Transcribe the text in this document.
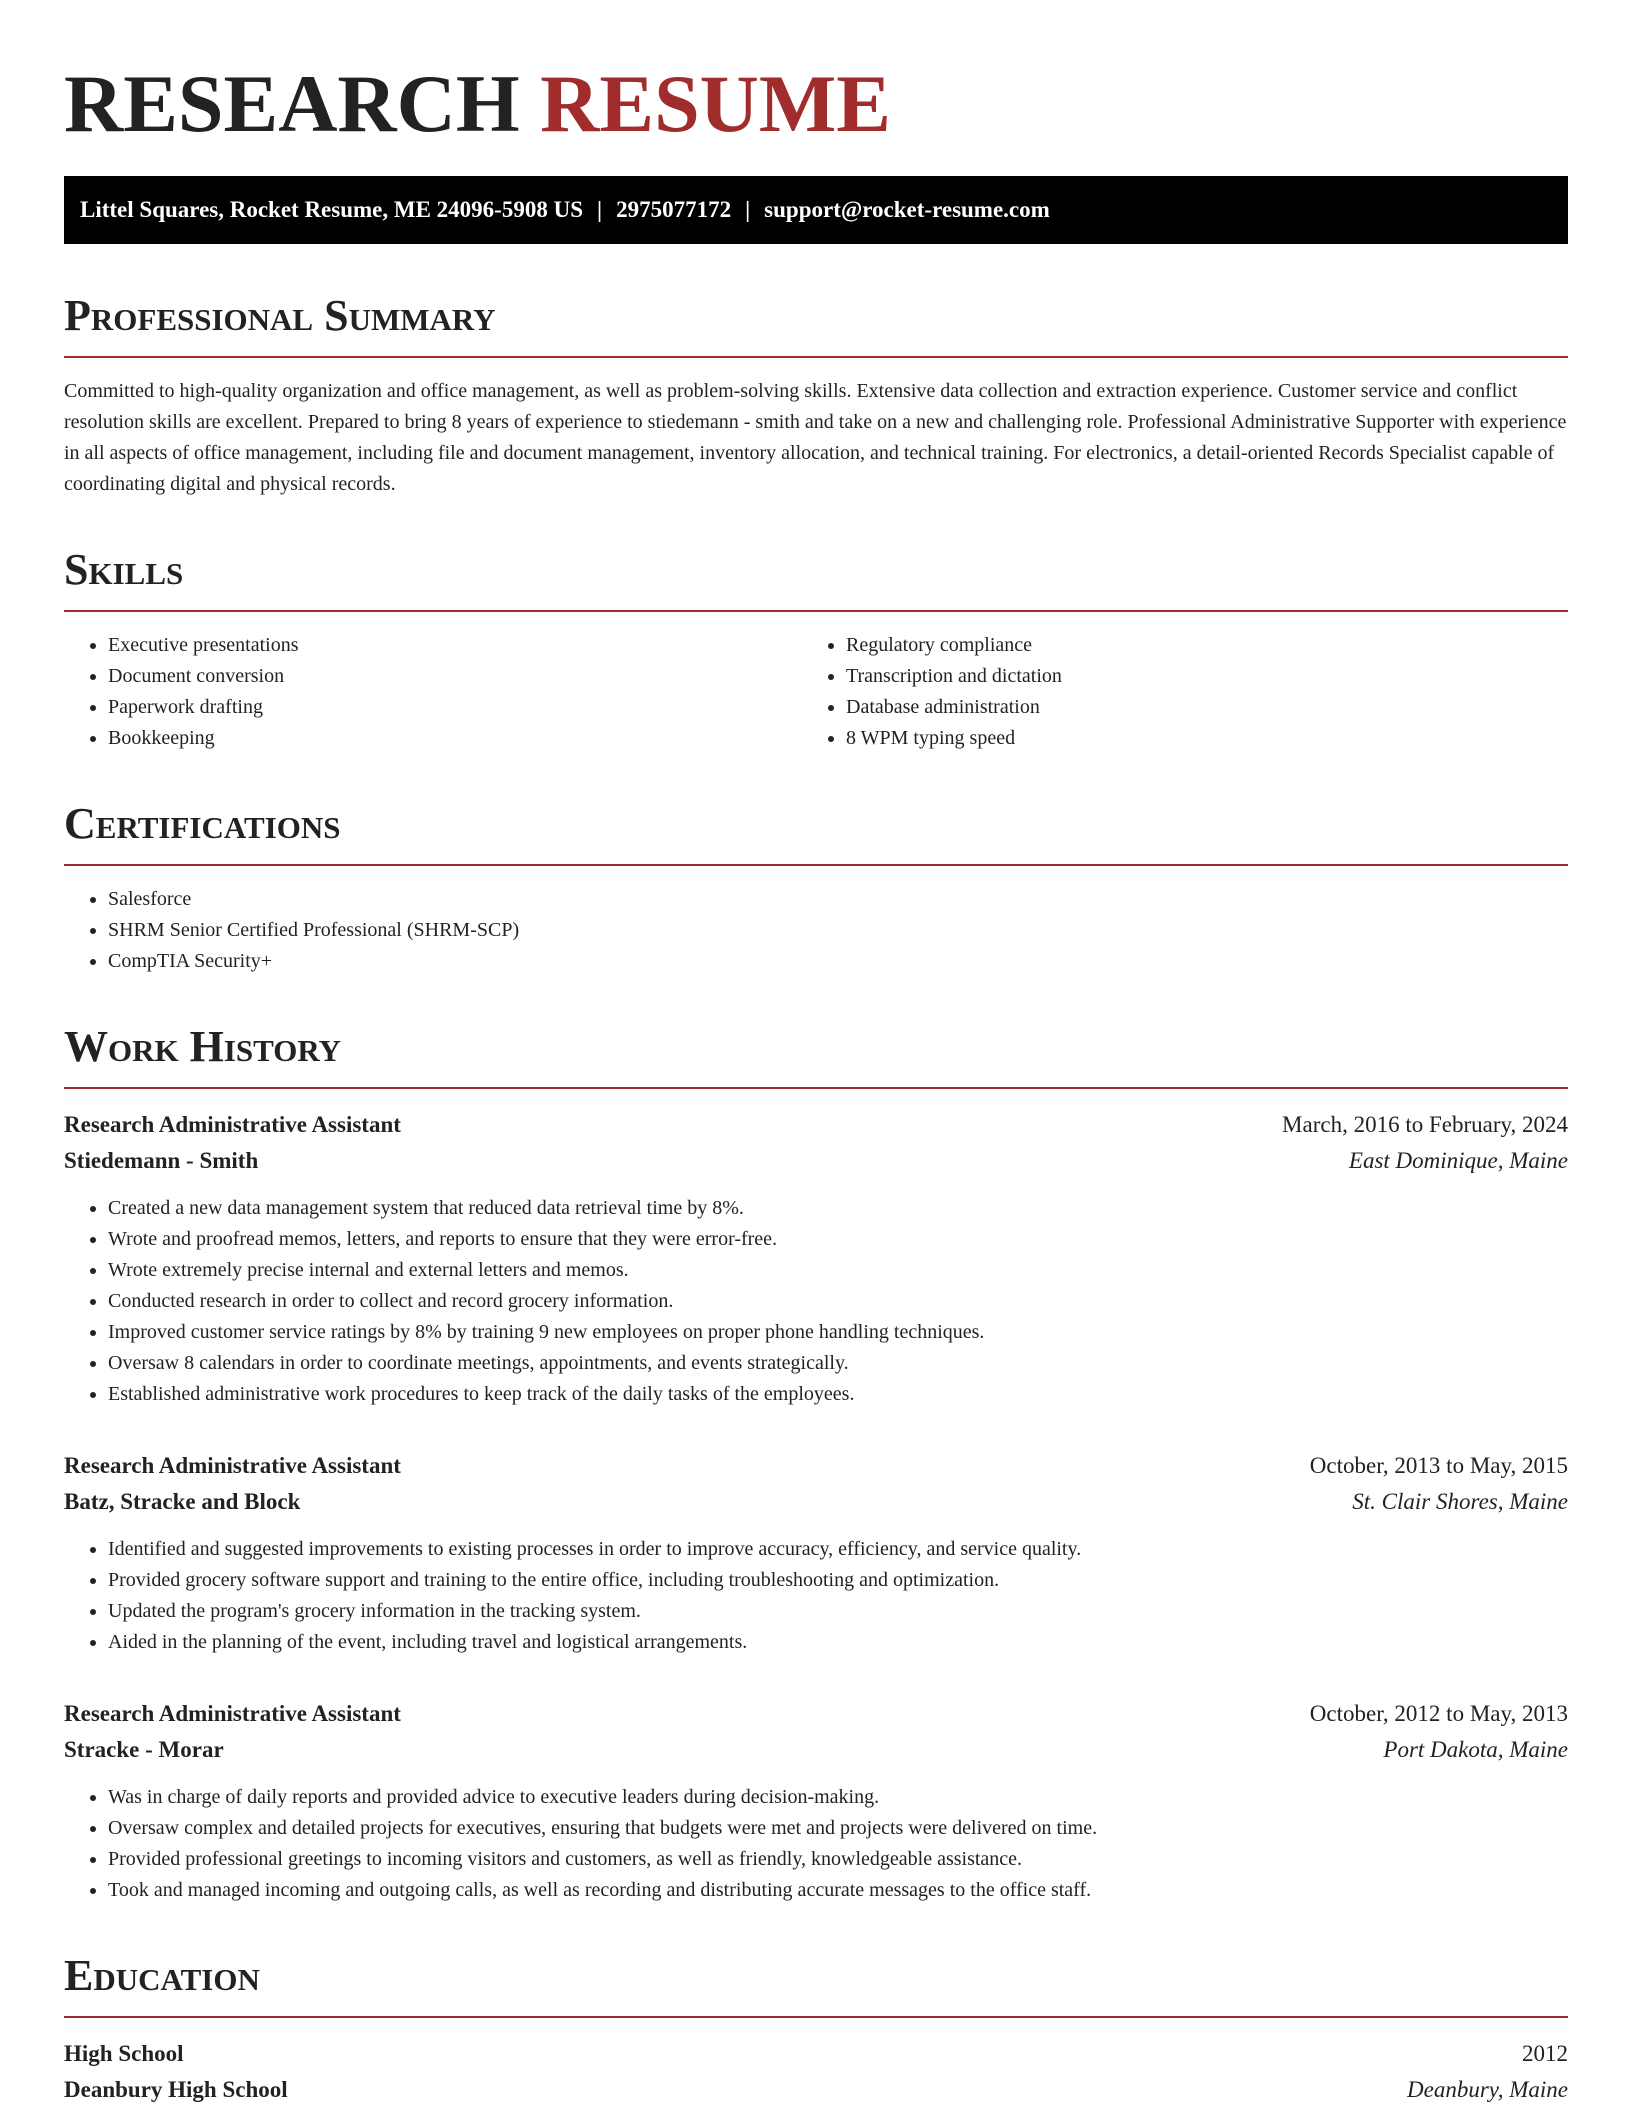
RESEARCH RESUME
Littel Squares, Rocket Resume, ME 24096-5908 US | 2975077172 | support@rocket-resume.com
Professional Summary

Committed to high-quality organization and office management, as well as problem-solving skills. Extensive data collection and extraction experience. Customer service and conflict resolution skills are excellent. Prepared to bring 8 years of experience to stiedemann - smith and take on a new and challenging role. Professional Administrative Supporter with experience in all aspects of office management, including file and document management, inventory allocation, and technical training. For electronics, a detail-oriented Records Specialist capable of coordinating digital and physical records.

Skills
• Executive presentations
• Document conversion
• Paperwork drafting
• Bookkeeping
• Regulatory compliance
• Transcription and dictation
• Database administration
• 8 WPM typing speed
Certifications
• Salesforce
• SHRM Senior Certified Professional (SHRM-SCP)
• CompTIA Security+
Work History
Research Administrative Assistant	March, 2016 to February, 2024
Stiedemann - Smith	East Dominique, Maine
• Created a new data management system that reduced data retrieval time by 8%.
• Wrote and proofread memos, letters, and reports to ensure that they were error-free.
• Wrote extremely precise internal and external letters and memos.
• Conducted research in order to collect and record grocery information.
• Improved customer service ratings by 8% by training 9 new employees on proper phone handling techniques.
• Oversaw 8 calendars in order to coordinate meetings, appointments, and events strategically.
• Established administrative work procedures to keep track of the daily tasks of the employees.
Research Administrative Assistant	October, 2013 to May, 2015
Batz, Stracke and Block	St. Clair Shores, Maine
• Identified and suggested improvements to existing processes in order to improve accuracy, efficiency, and service quality.
• Provided grocery software support and training to the entire office, including troubleshooting and optimization.
• Updated the program's grocery information in the tracking system.
• Aided in the planning of the event, including travel and logistical arrangements.
Research Administrative Assistant	October, 2012 to May, 2013
Stracke - Morar	Port Dakota, Maine
• Was in charge of daily reports and provided advice to executive leaders during decision-making.
• Oversaw complex and detailed projects for executives, ensuring that budgets were met and projects were delivered on time.
• Provided professional greetings to incoming visitors and customers, as well as friendly, knowledgeable assistance.
• Took and managed incoming and outgoing calls, as well as recording and distributing accurate messages to the office staff.
Education
High School	2012
Deanbury High School	Deanbury, Maine
